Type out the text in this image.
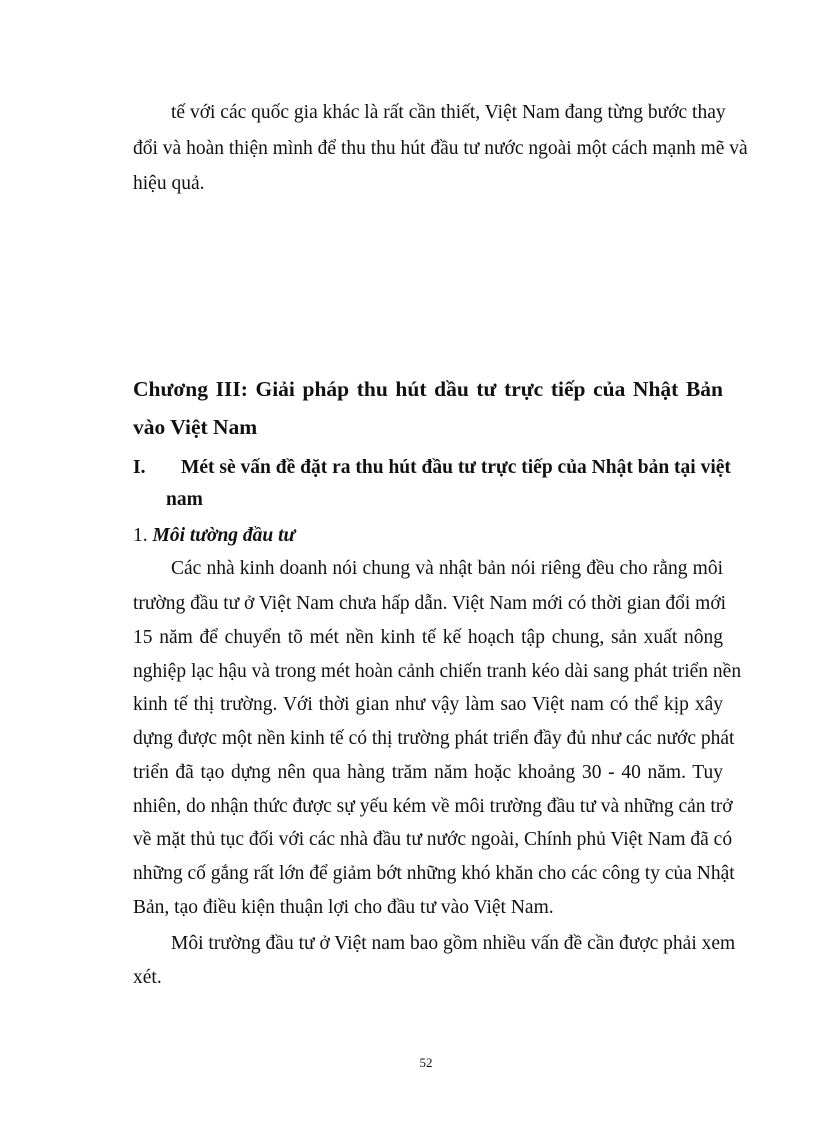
tế với các quốc gia khác là rất cần thiết, Việt Nam đang từng bước thay
đổi và hoàn thiện mình để thu thu hút đầu tư nước ngoài một cách mạnh mẽ và
hiệu quả.
Chương III: Giải pháp thu hút dầu tư trực tiếp của Nhật Bản
vào Việt Nam
I. Mét sè vấn đề đặt ra thu hút đầu tư trực tiếp của Nhật bản tại việt
nam
1. Môi tường đầu tư
Các nhà kinh doanh nói chung và nhật bản nói riêng đều cho rằng môi
trường đầu tư ở Việt Nam chưa hấp dẫn. Việt Nam mới có thời gian đổi mới
15 năm để chuyển tõ mét nền kinh tế kế hoạch tập chung, sản xuất nông
nghiệp lạc hậu và trong mét hoàn cảnh chiến tranh kéo dài sang phát triển nền
kinh tế thị trường. Với thời gian như vậy làm sao Việt nam có thể kịp xây
dựng được một nền kinh tế có thị trường phát triển đầy đủ như các nước phát
triển đã tạo dựng nên qua hàng trăm năm hoặc khoảng 30 - 40 năm. Tuy
nhiên, do nhận thức được sự yếu kém về môi trường đầu tư và những cản trở
về mặt thủ tục đối với các nhà đầu tư nước ngoài, Chính phủ Việt Nam đã có
những cố gắng rất lớn để giảm bớt những khó khăn cho các công ty của Nhật
Bản, tạo điều kiện thuận lợi cho đầu tư vào Việt Nam.
Môi trường đầu tư ở Việt nam bao gồm nhiều vấn đề cần được phải xem
xét.
52
